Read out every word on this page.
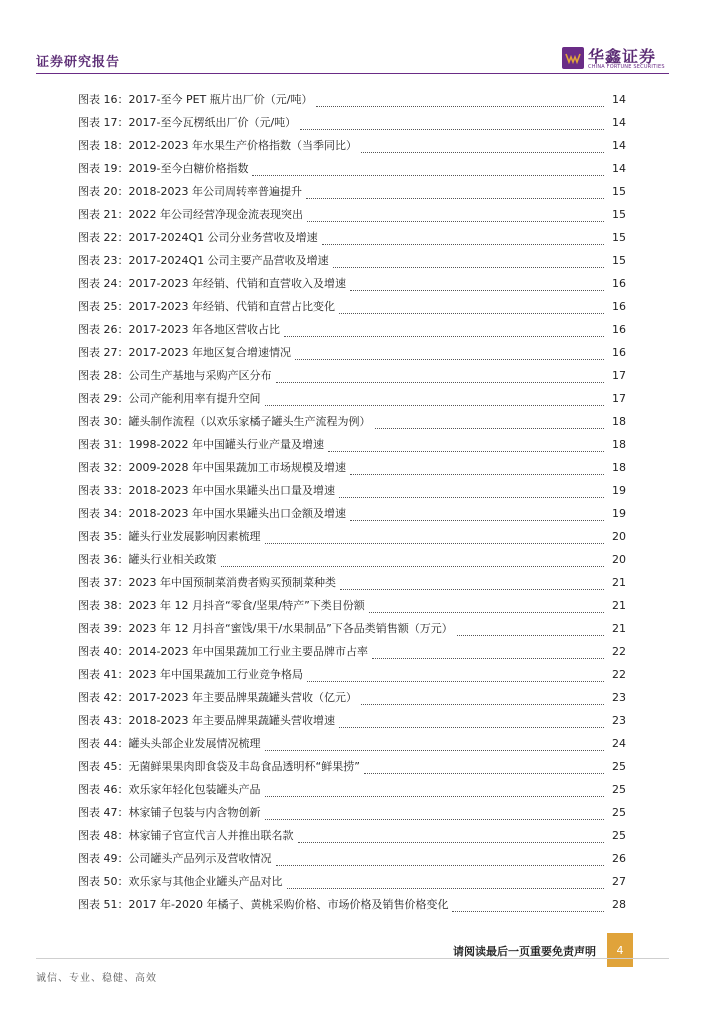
证券研究报告	华鑫证券
CHINA FORTUNE SECURITIES
图表 16：2017-至今 PET 瓶片出厂价（元/吨）	14
图表 17：2017-至今瓦楞纸出厂价（元/吨）	14
图表 18：2012-2023 年水果生产价格指数（当季同比）	14
图表 19：2019-至今白糖价格指数	14
图表 20：2018-2023 年公司周转率普遍提升	15
图表 21：2022 年公司经营净现金流表现突出	15
图表 22：2017-2024Q1 公司分业务营收及增速	15
图表 23：2017-2024Q1 公司主要产品营收及增速	15
图表 24：2017-2023 年经销、代销和直营收入及增速	16
图表 25：2017-2023 年经销、代销和直营占比变化	16
图表 26：2017-2023 年各地区营收占比	16
图表 27：2017-2023 年地区复合增速情况	16
图表 28：公司生产基地与采购产区分布	17
图表 29：公司产能利用率有提升空间	17
图表 30：罐头制作流程（以欢乐家橘子罐头生产流程为例）	18
图表 31：1998-2022 年中国罐头行业产量及增速	18
图表 32：2009-2028 年中国果蔬加工市场规模及增速	18
图表 33：2018-2023 年中国水果罐头出口量及增速	19
图表 34：2018-2023 年中国水果罐头出口金额及增速	19
图表 35：罐头行业发展影响因素梳理	20
图表 36：罐头行业相关政策	20
图表 37：2023 年中国预制菜消费者购买预制菜种类	21
图表 38：2023 年 12 月抖音“零食/坚果/特产”下类目份额	21
图表 39：2023 年 12 月抖音“蜜饯/果干/水果制品”下各品类销售额（万元）	21
图表 40：2014-2023 年中国果蔬加工行业主要品牌市占率	22
图表 41：2023 年中国果蔬加工行业竞争格局	22
图表 42：2017-2023 年主要品牌果蔬罐头营收（亿元）	23
图表 43：2018-2023 年主要品牌果蔬罐头营收增速	23
图表 44：罐头头部企业发展情况梳理	24
图表 45：无菌鲜果果肉即食袋及丰岛食品透明杯“鲜果捞”	25
图表 46：欢乐家年轻化包装罐头产品	25
图表 47：林家铺子包装与内含物创新	25
图表 48：林家铺子官宣代言人并推出联名款	25
图表 49：公司罐头产品列示及营收情况	26
图表 50：欢乐家与其他企业罐头产品对比	27
图表 51：2017 年-2020 年橘子、黄桃采购价格、市场价格及销售价格变化	28
请阅读最后一页重要免责声明 4
诚信、专业、稳健、高效
